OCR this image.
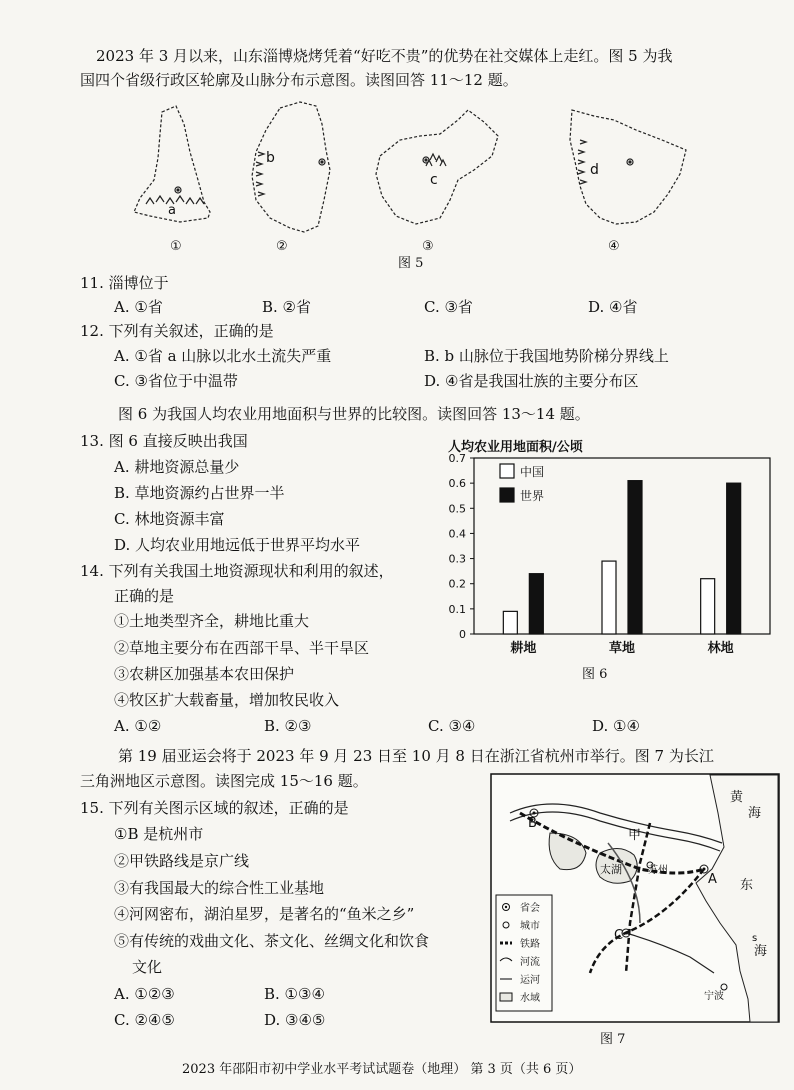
2023 年 3 月以来，山东淄博烧烤凭着“好吃不贵”的优势在社交媒体上走红。图 5 为我
国四个省级行政区轮廓及山脉分布示意图。读图回答 11～12 题。
a
b
c
d
①	②	③	④
图 5
11. 淄博位于
A. ①省	B. ②省	C. ③省	D. ④省
12. 下列有关叙述，正确的是
A. ①省 a 山脉以北水土流失严重	B. b 山脉位于我国地势阶梯分界线上
C. ③省位于中温带	D. ④省是我国壮族的主要分布区
图 6 为我国人均农业用地面积与世界的比较图。读图回答 13～14 题。
13. 图 6 直接反映出我国
A. 耕地资源总量少
B. 草地资源约占世界一半
C. 林地资源丰富
D. 人均农业用地远低于世界平均水平
14. 下列有关我国土地资源现状和利用的叙述，
正确的是
①土地类型齐全，耕地比重大
②草地主要分布在西部干旱、半干旱区
③农耕区加强基本农田保护
④牧区扩大载畜量，增加牧民收入
A. ①②	B. ②③	C. ③④	D. ①④
人均农业用地面积/公顷
0
0.1
0.2
0.3
0.4
0.5
0.6
0.7
耕地	草地	林地
中国
世界
图 6
第 19 届亚运会将于 2023 年 9 月 23 日至 10 月 8 日在浙江省杭州市举行。图 7 为长江
三角洲地区示意图。读图完成 15～16 题。
15. 下列有关图示区域的叙述，正确的是
①B 是杭州市
②甲铁路线是京广线
③有我国最大的综合性工业基地
④河网密布，湖泊星罗，是著名的“鱼米之乡”
⑤有传统的戏曲文化、茶文化、丝绸文化和饮食
文化
A. ①②③	B. ①③④
C. ②④⑤	D. ③④⑤
B
A
C
甲
太湖	苏州
宁波
黄
海
东
s
海
省会
城市
铁路
河流
运河
水域
图 7
2023 年邵阳市初中学业水平考试试题卷（地理） 第 3 页（共 6 页）
